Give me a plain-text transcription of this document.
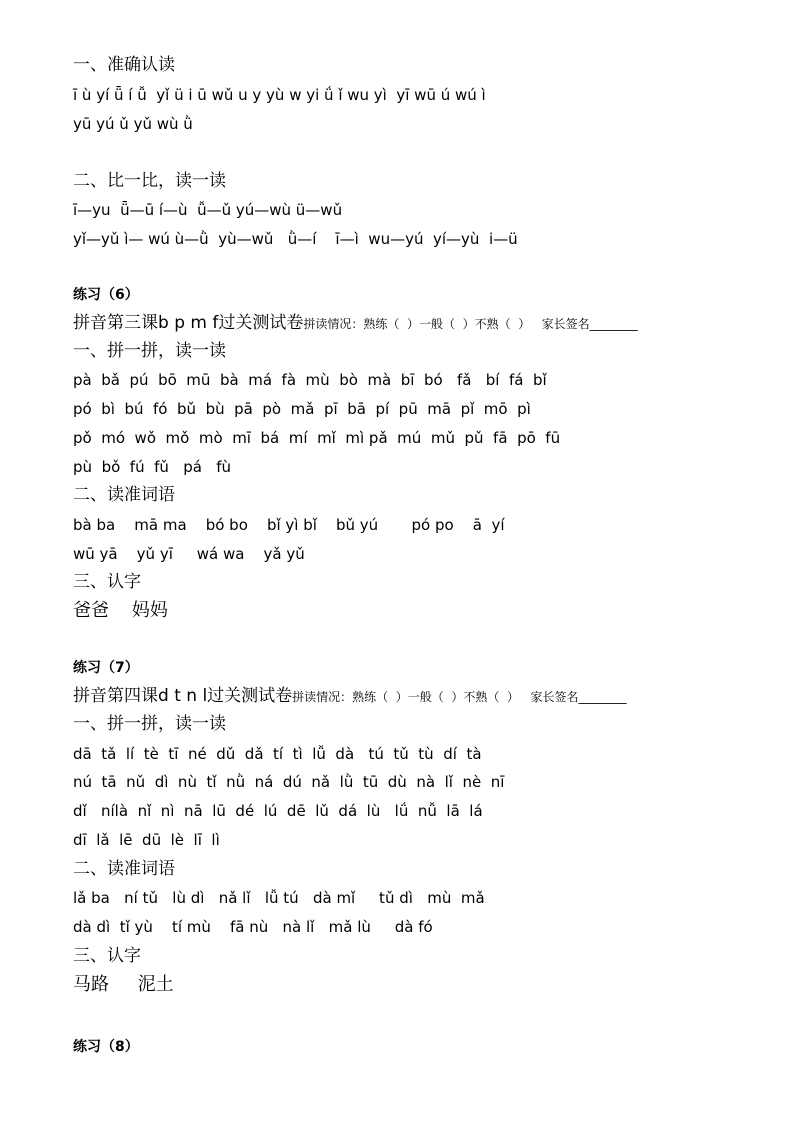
一、准确认读
ī ù yí ǖ í ǚ  yǐ ü i ū wǔ u y yù w yi ǘ ǐ wu yì  yī wū ú wú ì
yū yú ǔ yǔ wù ǜ
二、比一比，读一读
ī—yu  ǖ—ū í—ù  ǚ—ǔ yú—wù ü—wǔ
yǐ—yǔ ì— wú ù—ǜ  yù—wǔ   ǜ—í    ī—ì  wu—yú  yí—yù  i—ü
练习（6）
拼音第三课b p m f过关测试卷拼读情况：熟练（  ）一般（  ）不熟（  ）   家长签名________
一、拼一拼，读一读
pà  bǎ  pú  bō  mū  bà  má  fà  mù  bò  mà  bī  bó   fǎ   bí  fá  bǐ
pó  bì  bú  fó  bǔ  bù  pā  pò  mǎ  pī  bā  pí  pū  mā  pǐ  mō  pì
pǒ  mó  wǒ  mǒ  mò  mī  bá  mí  mǐ  mì pǎ  mú  mǔ  pǔ  fā  pō  fū
pù  bǒ  fú  fǔ   pá   fù
二、读准词语
bà ba    mā ma    bó bo    bǐ yì bǐ    bǔ yú       pó po    ā  yí
wū yā    yǔ yī     wá wa    yǎ yǔ
三、认字
爸爸    妈妈
练习（7）
拼音第四课d t n l过关测试卷拼读情况：熟练（  ）一般（  ）不熟（  ）   家长签名________
一、拼一拼，读一读
dā  tǎ  lí  tè  tī  né  dǔ  dǎ  tí  tì  lǚ  dà   tú  tǔ  tù  dí  tà
nú  tā  nǔ  dì  nù  tǐ  nǜ  ná  dú  nǎ  lǜ  tū  dù  nà  lǐ  nè  nī
dǐ   nílà  nǐ  nì  nā  lū  dé  lú  dē  lǔ  dá  lù   lǘ  nǚ  lā  lá
dī  lǎ  lē  dū  lè  lī  lì
二、读准词语
lǎ ba   ní tǔ   lù dì   nǎ lǐ   lǚ tú   dà mǐ     tǔ dì   mù  mǎ
dà dì  tǐ yù    tí mù    fā nù   nà lǐ   mǎ lù     dà fó
三、认字
马路     泥土
练习（8）
